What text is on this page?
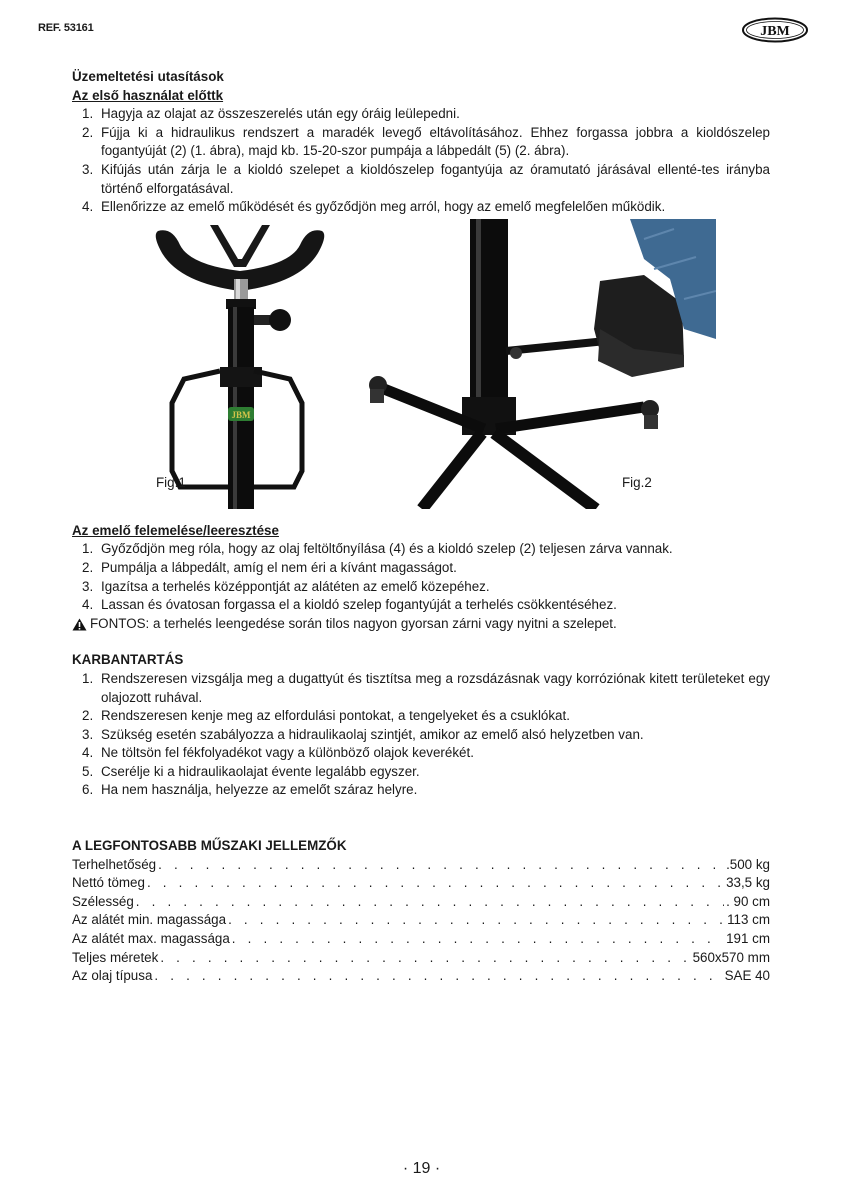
REF. 53161	JBM
Üzemeltetési utasítások
Az első használat előttk
1. Hagyja az olajat az összeszerelés után egy óráig leülepedni.
2. Fújja ki a hidraulikus rendszert a maradék levegő eltávolításához. Ehhez forgassa jobbra a kioldószelep fogantyúját (2) (1. ábra), majd kb. 15-20-szor pumpája a lábpedált (5) (2. ábra).
3. Kifújás után zárja le a kioldó szelepet a kioldószelep fogantyúja az óramutató járásával ellenté-tes irányba történő elforgatásával.
4. Ellenőrizze az emelő működését és győződjön meg arról, hogy az emelő megfelelően működik.
JBM
Fig.1	Fig.2
Az emelő felemelése/leeresztése
1. Győződjön meg róla, hogy az olaj feltöltőnyílása (4) és a kioldó szelep (2) teljesen zárva vannak.
2. Pumpálja a lábpedált, amíg el nem éri a kívánt magasságot.
3. Igazítsa a terhelés középpontját az alátéten az emelő közepéhez.
4. Lassan és óvatosan forgassa el a kioldó szelep fogantyúját a terhelés csökkentéséhez.
FONTOS: a terhelés leengedése során tilos nagyon gyorsan zárni vagy nyitni a szelepet.
KARBANTARTÁS
1. Rendszeresen vizsgálja meg a dugattyút és tisztítsa meg a rozsdázásnak vagy korróziónak kitett területeket egy olajozott ruhával.
2. Rendszeresen kenje meg az elfordulási pontokat, a tengelyeket és a csuklókat.
3. Szükség esetén szabályozza a hidraulikaolaj szintjét, amikor az emelő alsó helyzetben van.
4. Ne töltsön fel fékfolyadékot vagy a különböző olajok keverékét.
5. Cserélje ki a hidraulikaolajat évente legalább egyszer.
6. Ha nem használja, helyezze az emelőt száraz helyre.
A LEGFONTOSABB MŰSZAKI JELLEMZŐK
Terhelhetőség . . .	.500 kg
Nettó tömeg . . .	33,5 kg
Szélesség . . .	. 90 cm
Az alátét min. magassága . . .	113 cm
Az alátét max. magassága . . .	191 cm
Teljes méretek . . .	560x570 mm
Az olaj típusa . . .	SAE 40
· 19 ·
